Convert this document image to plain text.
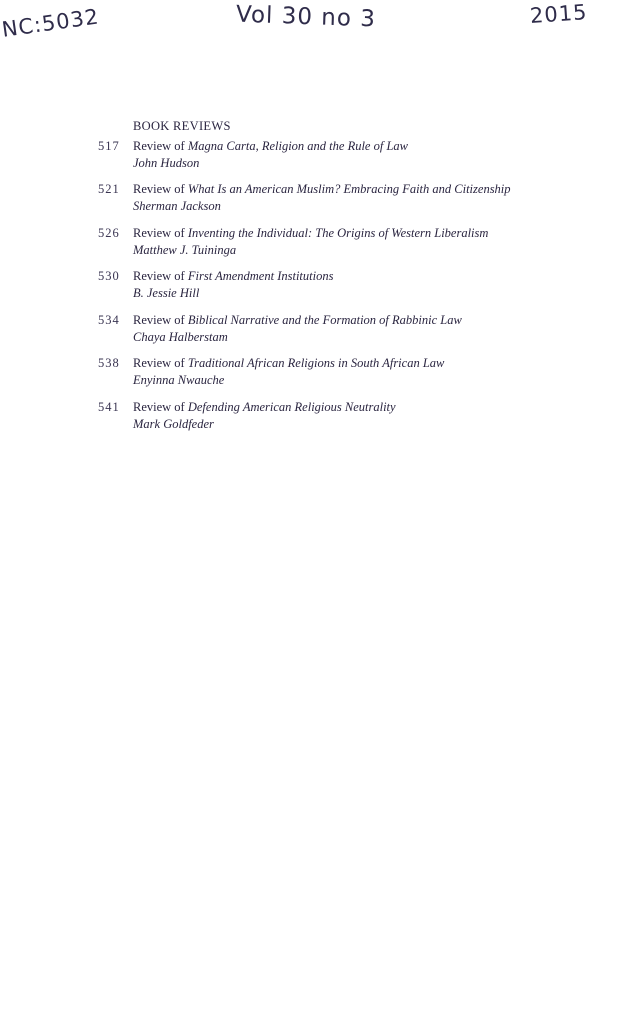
NC:5032	Vol 30 no 3	2015
BOOK REVIEWS
517	Review of Magna Carta, Religion and the Rule of Law
John Hudson
521	Review of What Is an American Muslim? Embracing Faith and Citizenship
Sherman Jackson
526	Review of Inventing the Individual: The Origins of Western Liberalism
Matthew J. Tuininga
530	Review of First Amendment Institutions
B. Jessie Hill
534	Review of Biblical Narrative and the Formation of Rabbinic Law
Chaya Halberstam
538	Review of Traditional African Religions in South African Law
Enyinna Nwauche
541	Review of Defending American Religious Neutrality
Mark Goldfeder
